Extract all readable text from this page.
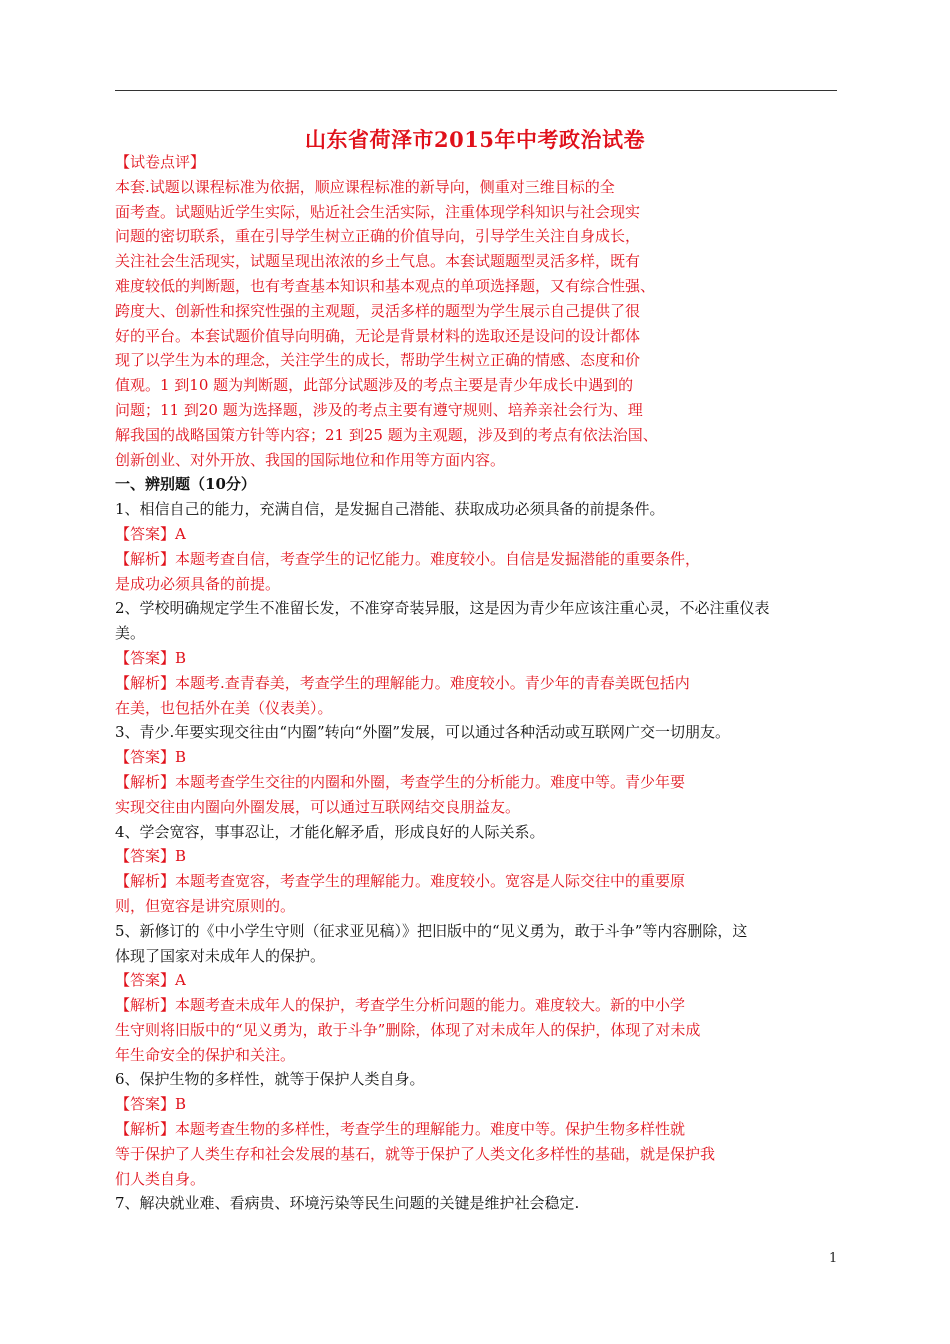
山东省荷泽市2015年中考政治试卷
【试卷点评】
本套.试题以课程标准为依据，顺应课程标准的新导向，侧重对三维目标的全
面考查。试题贴近学生实际，贴近社会生活实际，注重体现学科知识与社会现实
问题的密切联系，重在引导学生树立正确的价值导向，引导学生关注自身成长，
关注社会生活现实，试题呈现出浓浓的乡土气息。本套试题题型灵活多样，既有
难度较低的判断题，也有考查基本知识和基本观点的单项选择题，又有综合性强、
跨度大、创新性和探究性强的主观题，灵活多样的题型为学生展示自己提供了很
好的平台。本套试题价值导向明确，无论是背景材料的选取还是设问的设计都体
现了以学生为本的理念，关注学生的成长，帮助学生树立正确的情感、态度和价
值观。1 到10 题为判断题，此部分试题涉及的考点主要是青少年成长中遇到的
问题；11 到20 题为选择题，涉及的考点主要有遵守规则、培养亲社会行为、理
解我国的战略国策方针等内容；21 到25 题为主观题，涉及到的考点有依法治国、
创新创业、对外开放、我国的国际地位和作用等方面内容。
一、辨别题（10分）
1、相信自己的能力，充满自信，是发掘自己潜能、获取成功必须具备的前提条件。
【答案】A
【解析】本题考查自信，考查学生的记忆能力。难度较小。自信是发掘潜能的重要条件，
是成功必须具备的前提。
2、学校明确规定学生不准留长发，不准穿奇装异服，这是因为青少年应该注重心灵，不必注重仪表
美。
【答案】B
【解析】本题考.查青春美，考查学生的理解能力。难度较小。青少年的青春美既包括内
在美，也包括外在美（仪表美）。
3、青少.年要实现交往由“内圈”转向“外圈”发展，可以通过各种活动或互联网广交一切朋友。
【答案】B
【解析】本题考查学生交往的内圈和外圈，考查学生的分析能力。难度中等。青少年要
实现交往由内圈向外圈发展，可以通过互联网结交良朋益友。
4、学会宽容，事事忍让，才能化解矛盾，形成良好的人际关系。
【答案】B
【解析】本题考查宽容，考查学生的理解能力。难度较小。宽容是人际交往中的重要原
则，但宽容是讲究原则的。
5、新修订的《中小学生守则（征求亚见稿）》把旧版中的“见义勇为，敢于斗争”等内容删除，这
体现了国家对未成年人的保护。
【答案】A
【解析】本题考查未成年人的保护，考查学生分析问题的能力。难度较大。新的中小学
生守则将旧版中的“见义勇为，敢于斗争”删除，体现了对未成年人的保护，体现了对未成
年生命安全的保护和关注。
6、保护生物的多样性，就等于保护人类自身。
【答案】B
【解析】本题考查生物的多样性，考查学生的理解能力。难度中等。保护生物多样性就
等于保护了人类生存和社会发展的基石，就等于保护了人类文化多样性的基础，就是保护我
们人类自身。
7、解决就业难、看病贵、环境污染等民生问题的关键是维护社会稳定.
1
